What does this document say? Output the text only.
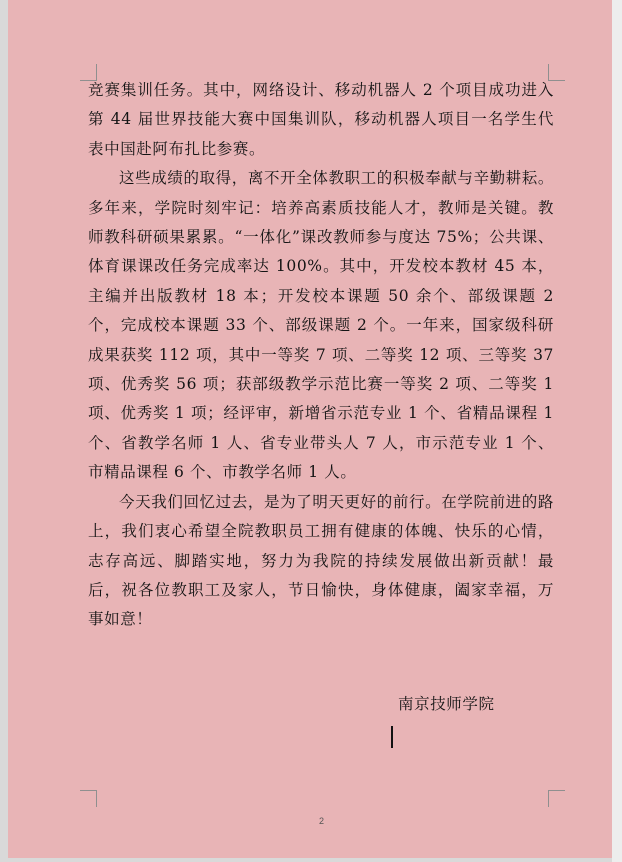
竞赛集训任务。其中，网络设计、移动机器人 2 个项目成功进入第 44 届世界技能大赛中国集训队，移动机器人项目一名学生代表中国赴阿布扎比参赛。

这些成绩的取得，离不开全体教职工的积极奉献与辛勤耕耘。多年来，学院时刻牢记：培养高素质技能人才，教师是关键。教师教科研硕果累累。“一体化”课改教师参与度达 75%；公共课、体育课课改任务完成率达 100%。其中，开发校本教材 45 本，主编并出版教材 18 本；开发校本课题 50 余个、部级课题 2 个，完成校本课题 33 个、部级课题 2 个。一年来，国家级科研成果获奖 112 项，其中一等奖 7 项、二等奖 12 项、三等奖 37 项、优秀奖 56 项；获部级教学示范比赛一等奖 2 项、二等奖 1 项、优秀奖 1 项；经评审，新增省示范专业 1 个、省精品课程 1 个、省教学名师 1 人、省专业带头人 7 人，市示范专业 1 个、市精品课程 6 个、市教学名师 1 人。

今天我们回忆过去，是为了明天更好的前行。在学院前进的路上，我们衷心希望全院教职员工拥有健康的体魄、快乐的心情，志存高远、脚踏实地，努力为我院的持续发展做出新贡献！最后，祝各位教职工及家人，节日愉快，身体健康，阖家幸福，万事如意！

南京技师学院
2
